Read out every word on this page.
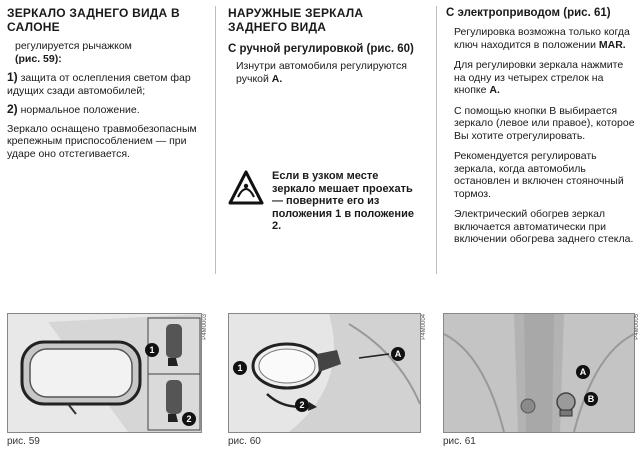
ЗЕРКАЛО ЗАДНЕГО ВИДА В САЛОНЕ

регулируется рычажком
(рис. 59):

1) защита от ослепления светом фар идущих сзади автомобилей;

2) нормальное положение.

Зеркало оснащено травмобезопасным крепежным приспособлением — при ударе оно отстегивается.

НАРУЖНЫЕ ЗЕРКАЛА ЗАДНЕГО ВИДА
С ручной регулировкой (рис. 60)

Изнутри автомобиля регулируются ручкой A.

Если в узком месте зеркало мешает проехать — поверните его из положения 1 в положение 2.
С электроприводом (рис. 61)

Регулировка возможна только когда ключ находится в положении MAR.

Для регулировки зеркала нажмите на одну из четырех стрелок на кнопке A.

С помощью кнопки B выбирается зеркало (левое или правое), которое Вы хотите отрегулировать.

Рекомендуется регулировать зеркала, когда автомобиль остановлен и включен стояночный тормоз.

Электрический обогрев зеркал включается автоматически при включении обогрева заднего стекла.

1
2
P4M0003
рис. 59
1
2
A
P4M0004
рис. 60
A
B
P4M0005
рис. 61
